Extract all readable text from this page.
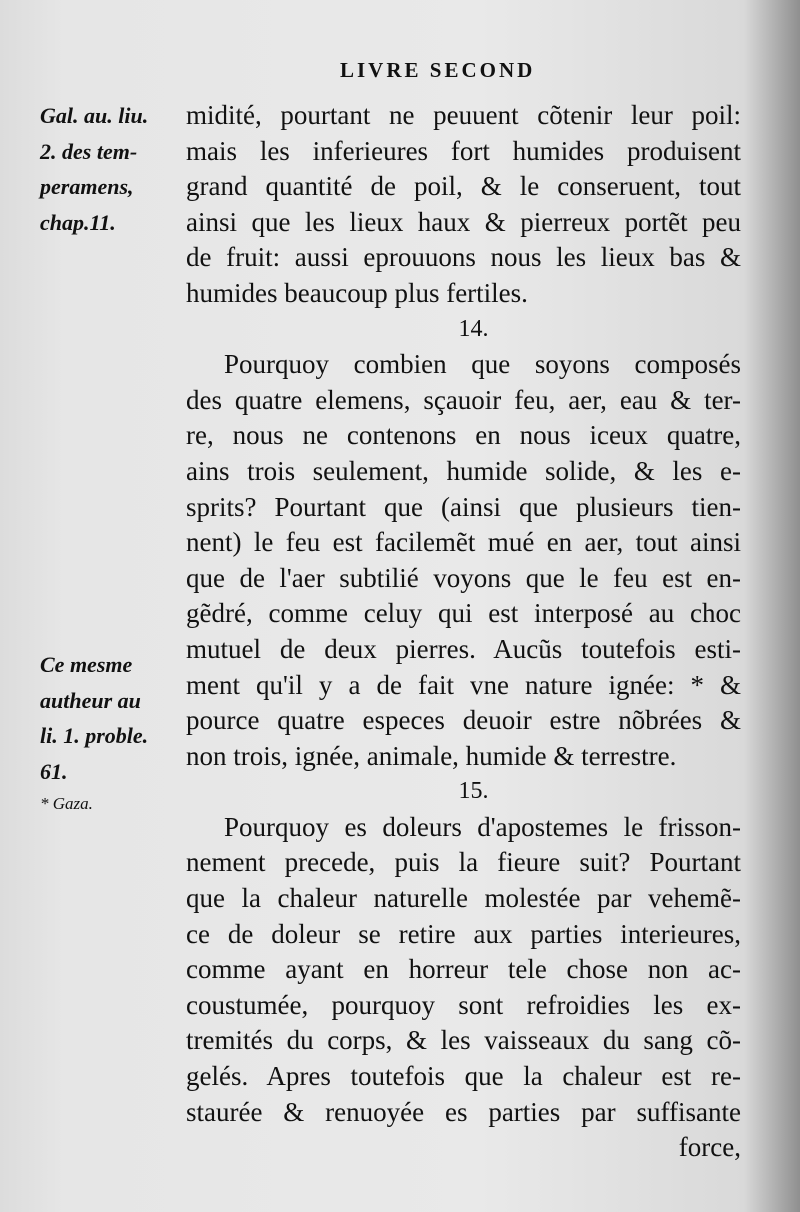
LIVRE SECOND
Gal. au. liu.
2. des tem-
peramens,
chap.11.
Ce mesme
autheur au
li. 1. proble.
61.
* Gaza.
midité, pourtant ne peuuent cõtenir leur poil:
mais les inferieures fort humides produisent
grand quantité de poil, & le conseruent, tout
ainsi que les lieux haux & pierreux portẽt peu
de fruit: aussi eprouuons nous les lieux bas &
humides beaucoup plus fertiles.
14.
Pourquoy combien que soyons composés
des quatre elemens, sçauoir feu, aer, eau & ter-
re, nous ne contenons en nous iceux quatre,
ains trois seulement, humide solide, & les e-
sprits? Pourtant que (ainsi que plusieurs tien-
nent) le feu est facilemẽt mué en aer, tout ainsi
que de l'aer subtilié voyons que le feu est en-
gẽdré, comme celuy qui est interposé au choc
mutuel de deux pierres. Aucũs toutefois esti-
ment qu'il y a de fait vne nature ignée: * &
pource quatre especes deuoir estre nõbrées &
non trois, ignée, animale, humide & terrestre.
15.
Pourquoy es doleurs d'apostemes le frisson-
nement precede, puis la fieure suit? Pourtant
que la chaleur naturelle molestée par vehemẽ-
ce de doleur se retire aux parties interieures,
comme ayant en horreur tele chose non ac-
coustumée, pourquoy sont refroidies les ex-
tremités du corps, & les vaisseaux du sang cõ-
gelés. Apres toutefois que la chaleur est re-
staurée & renuoyée es parties par suffisante
force,
